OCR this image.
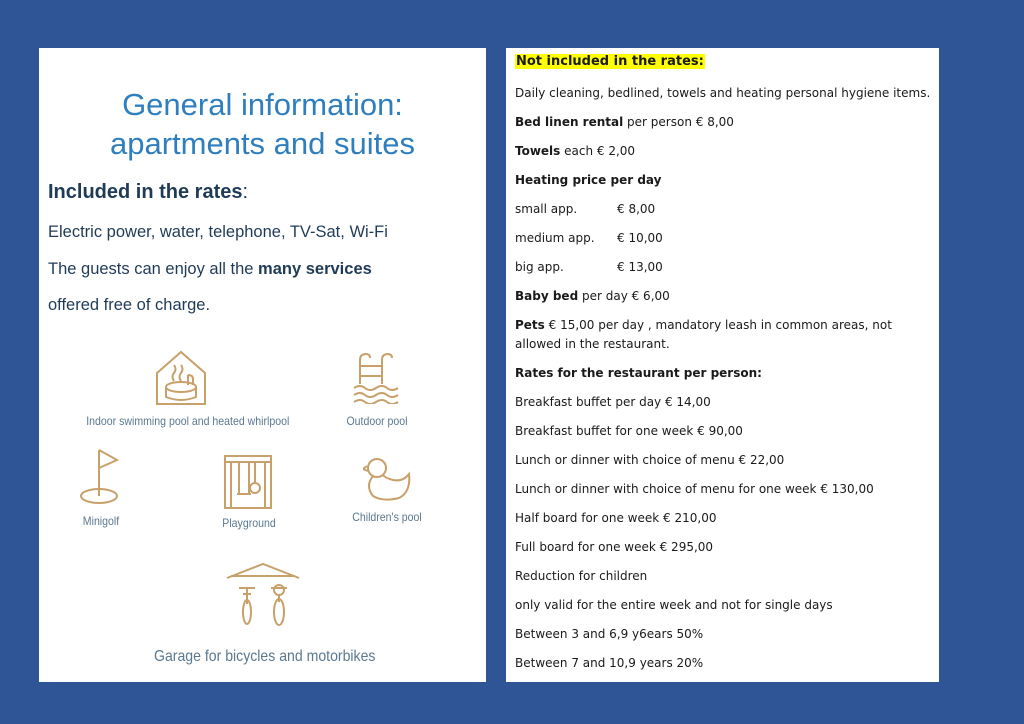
General information:
apartments and suites
Included in the rates:
Electric power, water, telephone, TV-Sat, Wi-Fi
The guests can enjoy all the many services
offered free of charge.
Indoor swimming pool and heated whirlpool	Outdoor pool
Minigolf	Playground	Children's pool
Garage for bicycles and motorbikes
Not included in the rates:
Daily cleaning, bedlined, towels and heating personal hygiene items.
Bed linen rental per person € 8,00
Towels each € 2,00
Heating price per day
small app.	€ 8,00
medium app. € 10,00
big app.	€ 13,00
Baby bed per day € 6,00
Pets € 15,00 per day , mandatory leash in common areas, not allowed in the restaurant.
Rates for the restaurant per person:
Breakfast buffet per day € 14,00
Breakfast buffet for one week € 90,00
Lunch or dinner with choice of menu € 22,00
Lunch or dinner with choice of menu for one week € 130,00
Half board for one week € 210,00
Full board for one week € 295,00
Reduction for children
only valid for the entire week and not for single days
Between 3 and 6,9 y6ears 50%
Between 7 and 10,9 years 20%
